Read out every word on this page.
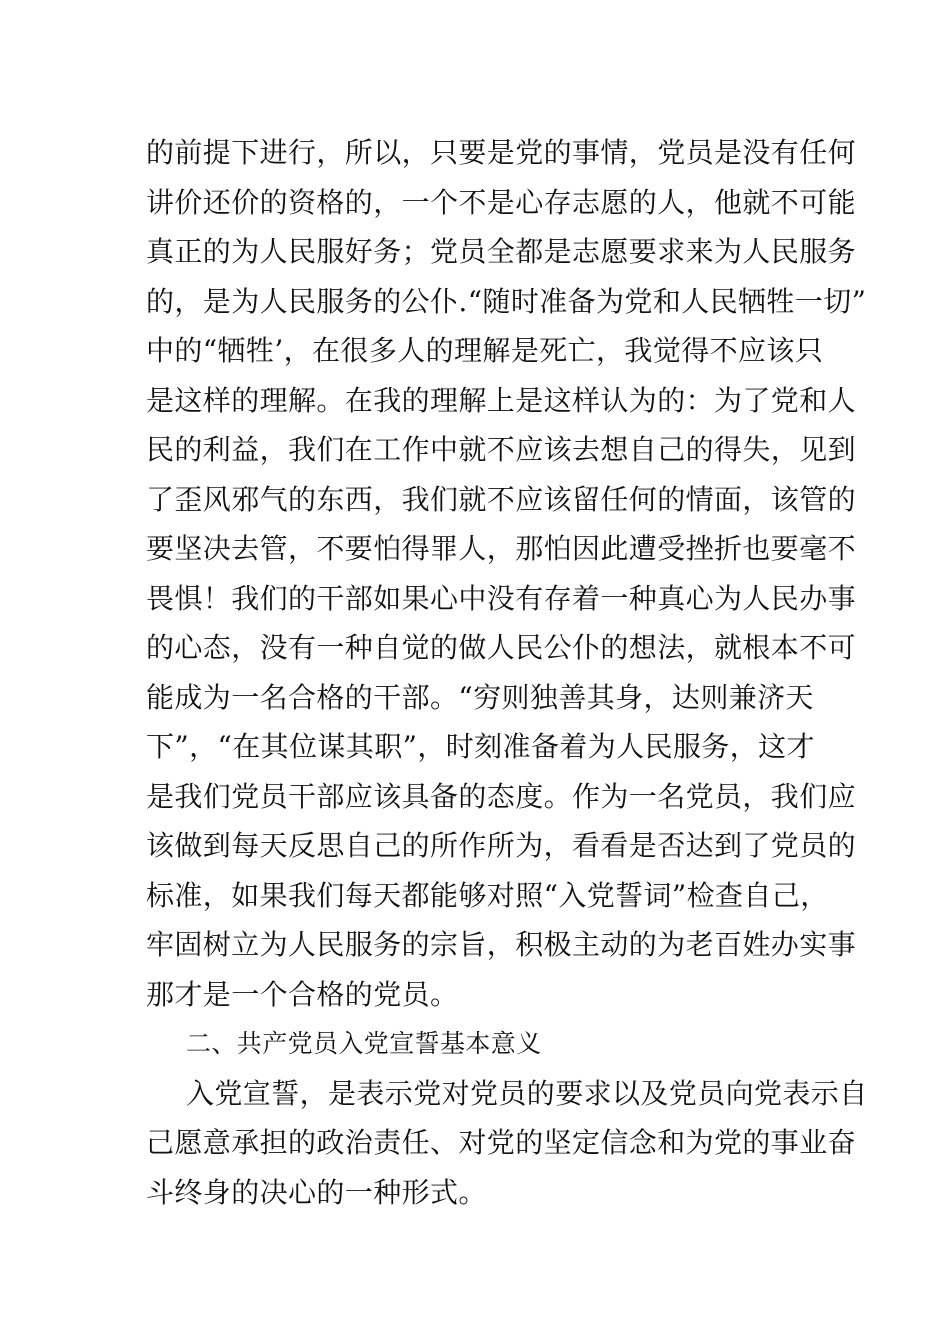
的前提下进行，所以，只要是党的事情，党员是没有任何
讲价还价的资格的，一个不是心存志愿的人，他就不可能
真正的为人民服好务；党员全都是志愿要求来为人民服务
的，是为人民服务的公仆.“随时准备为党和人民牺牲一切”
中的“牺牲’，在很多人的理解是死亡，我觉得不应该只
是这样的理解。在我的理解上是这样认为的：为了党和人
民的利益，我们在工作中就不应该去想自己的得失，见到
了歪风邪气的东西，我们就不应该留任何的情面，该管的
要坚决去管，不要怕得罪人，那怕因此遭受挫折也要毫不
畏惧！我们的干部如果心中没有存着一种真心为人民办事
的心态，没有一种自觉的做人民公仆的想法，就根本不可
能成为一名合格的干部。“穷则独善其身，达则兼济天
下”，“在其位谋其职”，时刻准备着为人民服务，这才
是我们党员干部应该具备的态度。作为一名党员，我们应
该做到每天反思自己的所作所为，看看是否达到了党员的
标准，如果我们每天都能够对照“入党誓词”检查自己，
牢固树立为人民服务的宗旨，积极主动的为老百姓办实事
那才是一个合格的党员。
二、共产党员入党宣誓基本意义
入党宣誓，是表示党对党员的要求以及党员向党表示自
己愿意承担的政治责任、对党的坚定信念和为党的事业奋
斗终身的决心的一种形式。
